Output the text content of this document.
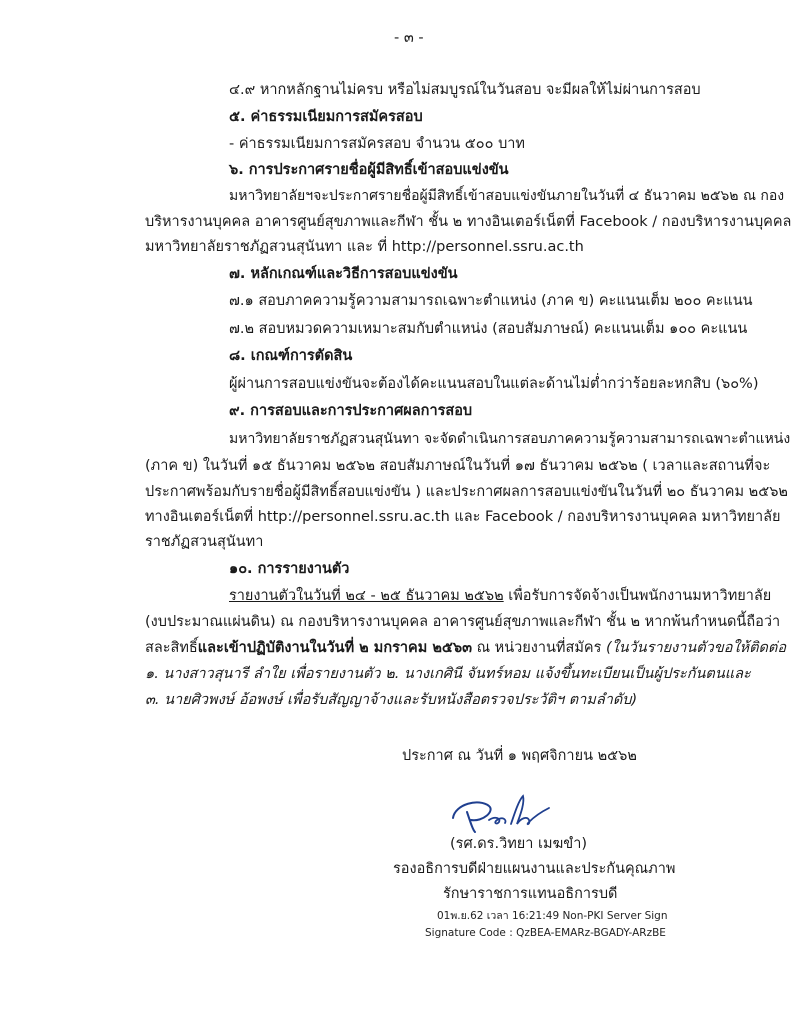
- ๓ -
๔.๙ หากหลักฐานไม่ครบ หรือไม่สมบูรณ์ในวันสอบ จะมีผลให้ไม่ผ่านการสอบ
๕. ค่าธรรมเนียมการสมัครสอบ
- ค่าธรรมเนียมการสมัครสอบ จำนวน ๕๐๐ บาท
๖. การประกาศรายชื่อผู้มีสิทธิ์เข้าสอบแข่งขัน
มหาวิทยาลัยฯจะประกาศรายชื่อผู้มีสิทธิ์เข้าสอบแข่งขันภายในวันที่ ๔ ธันวาคม ๒๕๖๒ ณ กอง
บริหารงานบุคคล อาคารศูนย์สุขภาพและกีฬา ชั้น ๒ ทางอินเตอร์เน็ตที่ Facebook / กองบริหารงานบุคคล
มหาวิทยาลัยราชภัฏสวนสุนันทา และ ที่ http://personnel.ssru.ac.th
๗. หลักเกณฑ์และวิธีการสอบแข่งขัน
๗.๑ สอบภาคความรู้ความสามารถเฉพาะตำแหน่ง (ภาค ข) คะแนนเต็ม ๒๐๐ คะแนน
๗.๒ สอบหมวดความเหมาะสมกับตำแหน่ง (สอบสัมภาษณ์) คะแนนเต็ม ๑๐๐ คะแนน
๘. เกณฑ์การตัดสิน
ผู้ผ่านการสอบแข่งขันจะต้องได้คะแนนสอบในแต่ละด้านไม่ต่ำกว่าร้อยละหกสิบ (๖๐%)
๙. การสอบและการประกาศผลการสอบ
มหาวิทยาลัยราชภัฏสวนสุนันทา จะจัดดำเนินการสอบภาคความรู้ความสามารถเฉพาะตำแหน่ง
(ภาค ข) ในวันที่ ๑๕ ธันวาคม ๒๕๖๒ สอบสัมภาษณ์ในวันที่ ๑๗ ธันวาคม ๒๕๖๒ ( เวลาและสถานที่จะ
ประกาศพร้อมกับรายชื่อผู้มีสิทธิ์สอบแข่งขัน ) และประกาศผลการสอบแข่งขันในวันที่ ๒๐ ธันวาคม ๒๕๖๒
ทางอินเตอร์เน็ตที่ http://personnel.ssru.ac.th และ Facebook / กองบริหารงานบุคคล มหาวิทยาลัย
ราชภัฏสวนสุนันทา
๑๐. การรายงานตัว
รายงานตัวในวันที่ ๒๔ - ๒๕ ธันวาคม ๒๕๖๒ เพื่อรับการจัดจ้างเป็นพนักงานมหาวิทยาลัย
(งบประมาณแผ่นดิน) ณ กองบริหารงานบุคคล อาคารศูนย์สุขภาพและกีฬา ชั้น ๒ หากพ้นกำหนดนี้ถือว่า
สละสิทธิ์และเข้าปฏิบัติงานในวันที่ ๒ มกราคม ๒๕๖๓ ณ หน่วยงานที่สมัคร (ในวันรายงานตัวขอให้ติดต่อ
๑. นางสาวสุนารี ลำใย เพื่อรายงานตัว ๒. นางเกศินี จันทร์หอม แจ้งขึ้นทะเบียนเป็นผู้ประกันตนและ
๓. นายศิวพงษ์ อ้อพงษ์ เพื่อรับสัญญาจ้างและรับหนังสือตรวจประวัติฯ ตามลำดับ)
ประกาศ ณ วันที่ ๑ พฤศจิกายน ๒๕๖๒
(รศ.ดร.วิทยา เมฆขำ)
รองอธิการบดีฝ่ายแผนงานและประกันคุณภาพ
รักษาราชการแทนอธิการบดี
01พ.ย.62 เวลา 16:21:49 Non-PKI Server Sign
Signature Code : QzBEA-EMARz-BGADY-ARzBE
